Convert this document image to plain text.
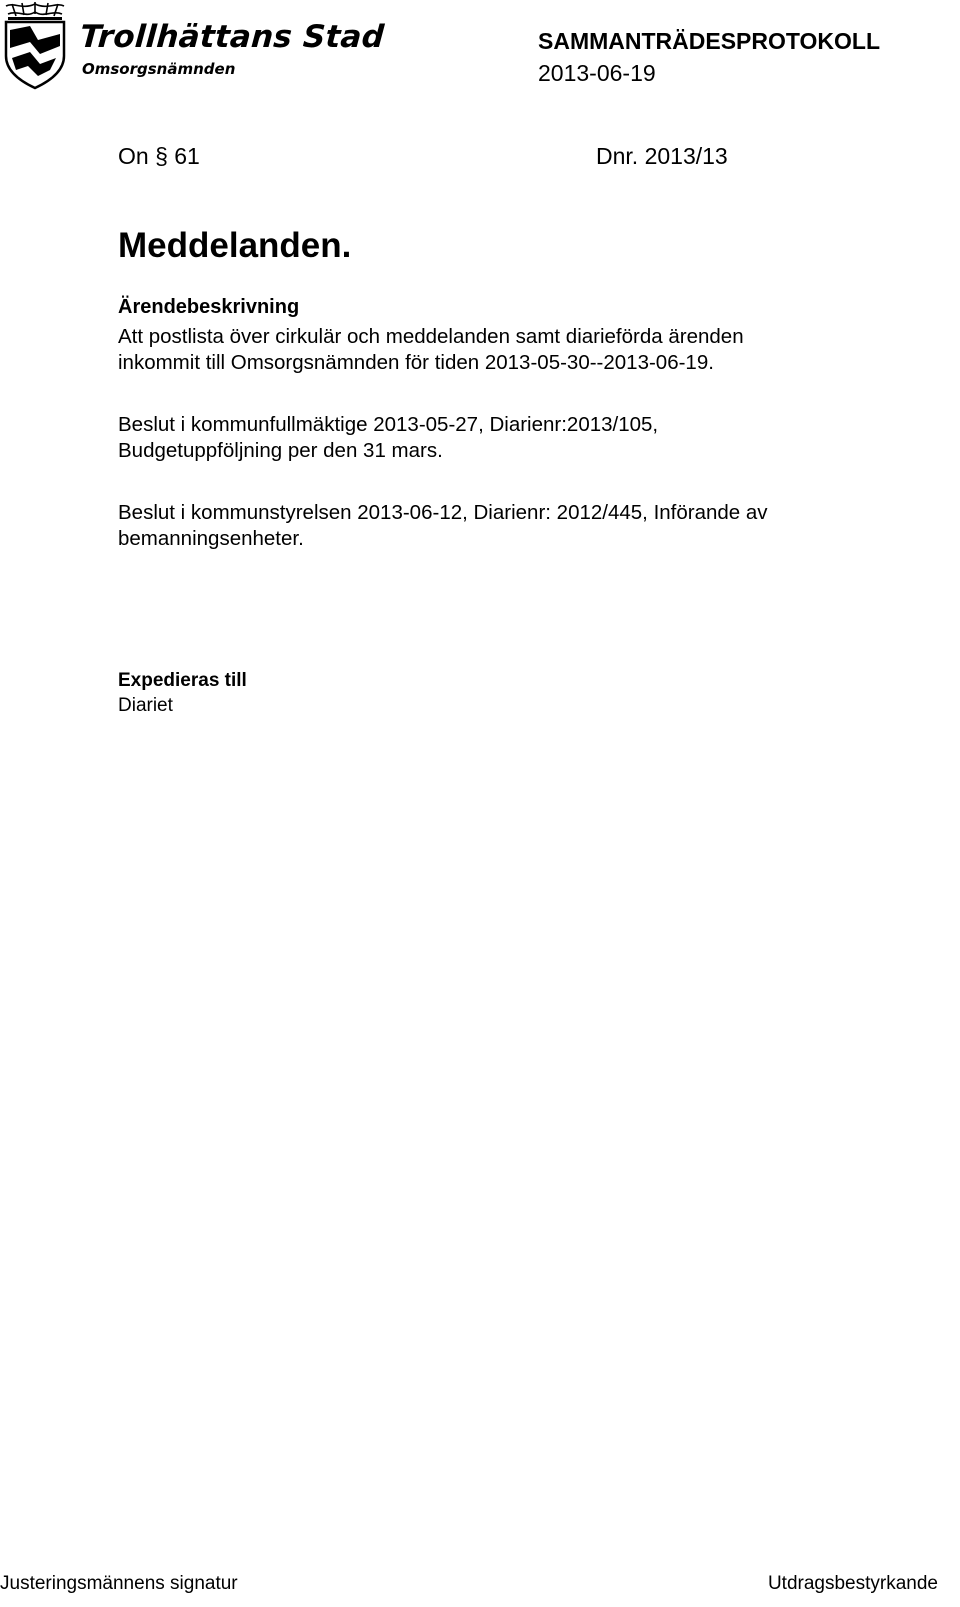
Trollhättans Stad
Omsorgsnämnden
SAMMANTRÄDESPROTOKOLL
2013-06-19
On § 61	Dnr. 2013/13
Meddelanden.
Ärendebeskrivning

Att postlista över cirkulär och meddelanden samt diarieförda ärenden

inkommit till Omsorgsnämnden för tiden 2013-05-30--2013-06-19.

Beslut i kommunfullmäktige 2013-05-27, Diarienr:2013/105,

Budgetuppföljning per den 31 mars.

Beslut i kommunstyrelsen 2013-06-12, Diarienr: 2012/445, Införande av

bemanningsenheter.

Expedieras till
Diariet
Justeringsmännens signatur	Utdragsbestyrkande
